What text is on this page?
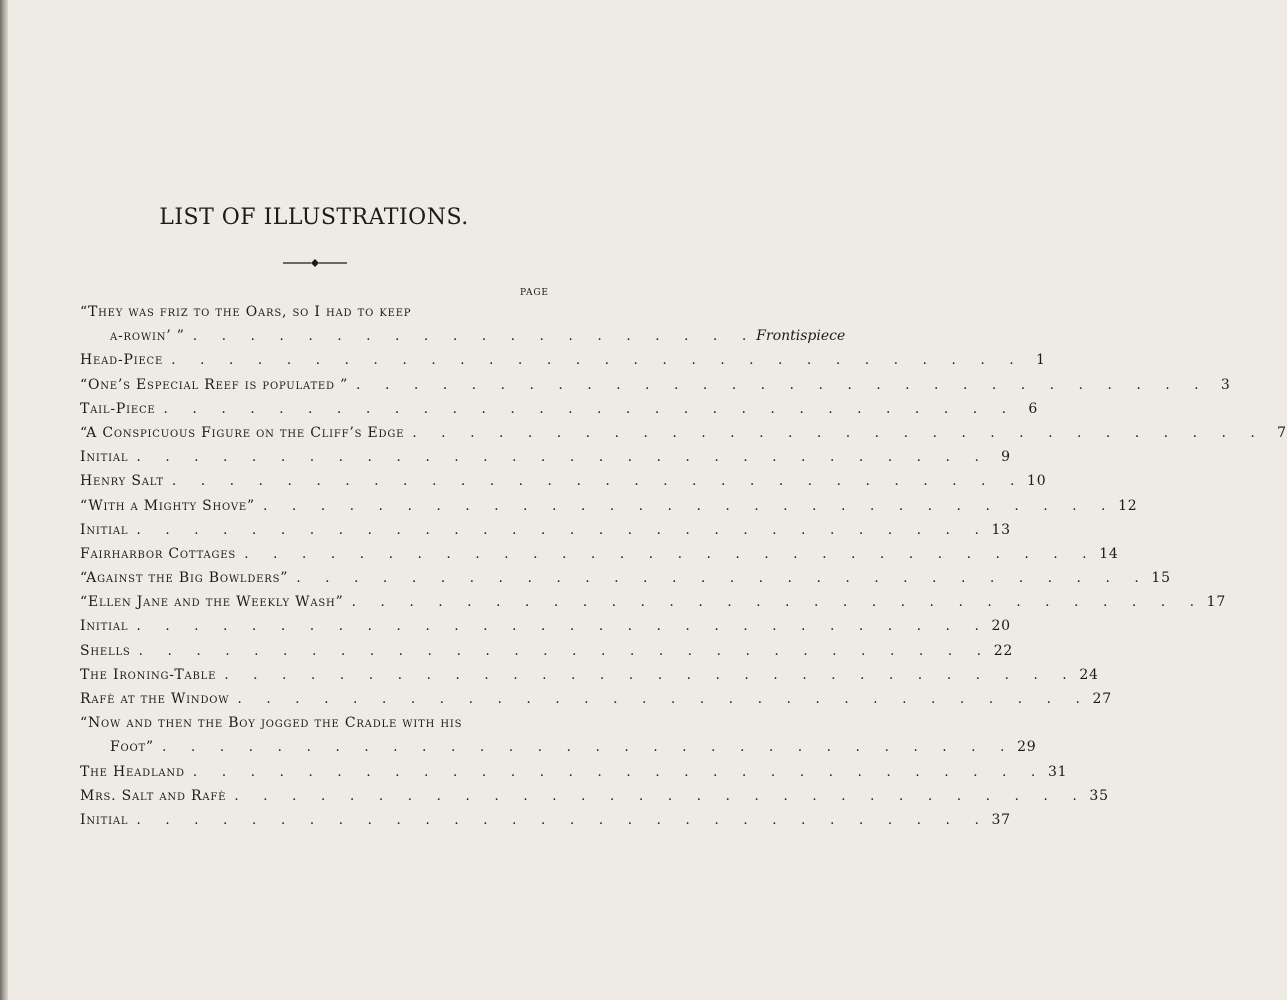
LIST OF ILLUSTRATIONS.
PAGE
“They was friz to the Oars, so I had to keep
a-rowin’ ” . . . . . . . . . . . . . . . . . . . . Frontispiece
Head-Piece . . . . . . . . . . . . . . . . . . . . . . . . . . . . . . 1
“One’s Especial Reef is populated ” . . . . . . . . . . . . . . . . . . . . . . . . . . . . . . 3
Tail-Piece . . . . . . . . . . . . . . . . . . . . . . . . . . . . . . 6
“A Conspicuous Figure on the Cliff’s Edge . . . . . . . . . . . . . . . . . . . . . . . . . . . . . . 7
Initial . . . . . . . . . . . . . . . . . . . . . . . . . . . . . . 9
Henry Salt . . . . . . . . . . . . . . . . . . . . . . . . . . . . . . 10
“With a Mighty Shove” . . . . . . . . . . . . . . . . . . . . . . . . . . . . . . 12
Initial . . . . . . . . . . . . . . . . . . . . . . . . . . . . . . 13
Fairharbor Cottages . . . . . . . . . . . . . . . . . . . . . . . . . . . . . . 14
“Against the Big Bowlders” . . . . . . . . . . . . . . . . . . . . . . . . . . . . . . 15
“Ellen Jane and the Weekly Wash” . . . . . . . . . . . . . . . . . . . . . . . . . . . . . . 17
Initial . . . . . . . . . . . . . . . . . . . . . . . . . . . . . . 20
Shells . . . . . . . . . . . . . . . . . . . . . . . . . . . . . . 22
The Ironing-Table . . . . . . . . . . . . . . . . . . . . . . . . . . . . . . 24
Rafè at the Window . . . . . . . . . . . . . . . . . . . . . . . . . . . . . . 27
“Now and then the Boy jogged the Cradle with his
Foot” . . . . . . . . . . . . . . . . . . . . . . . . . . . . . . 29
The Headland . . . . . . . . . . . . . . . . . . . . . . . . . . . . . . 31
Mrs. Salt and Rafè . . . . . . . . . . . . . . . . . . . . . . . . . . . . . . 35
Initial . . . . . . . . . . . . . . . . . . . . . . . . . . . . . . 37
